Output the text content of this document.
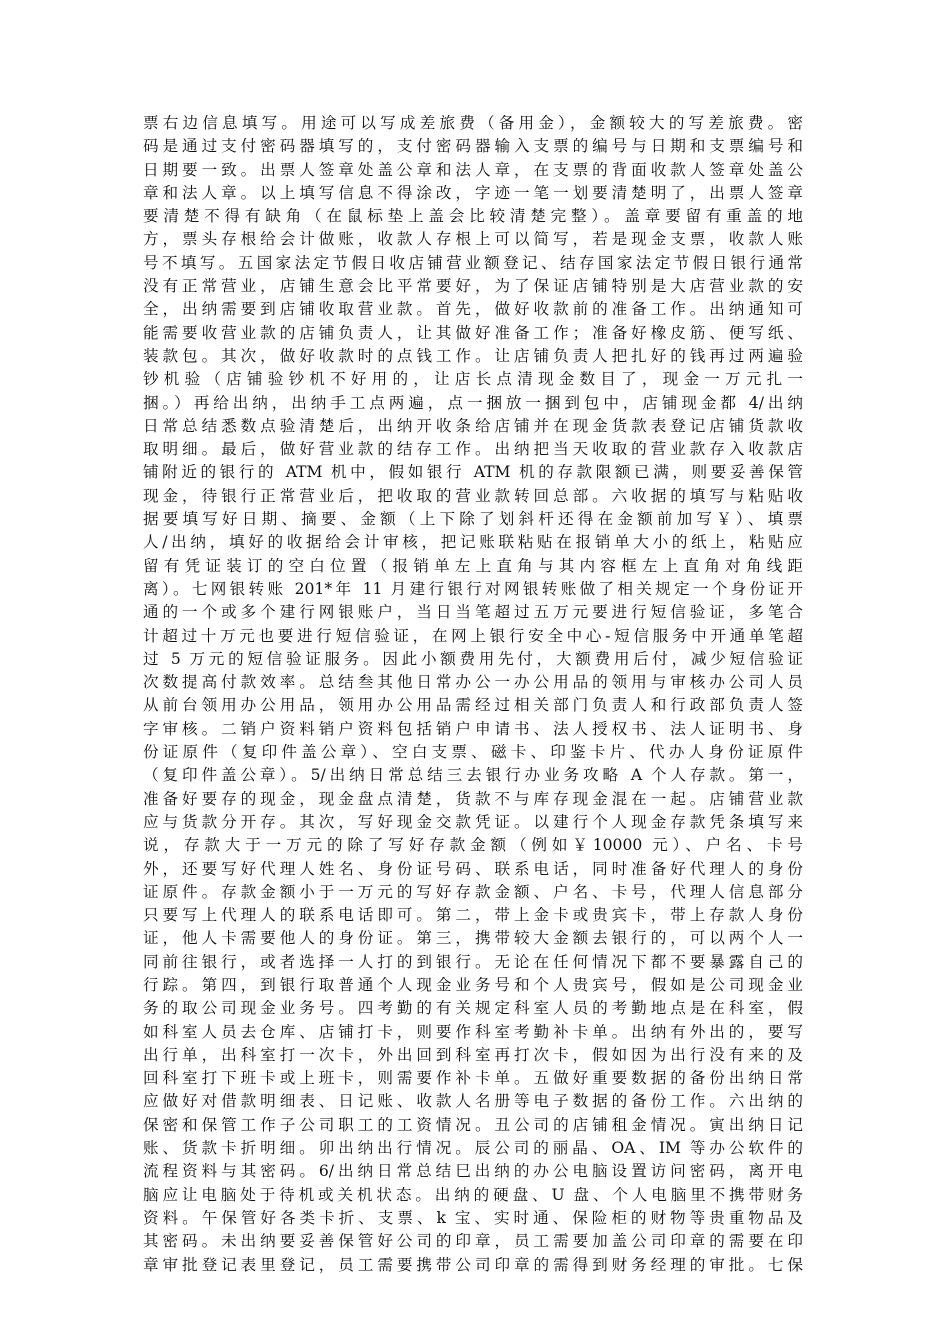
票右边信息填写。用途可以写成差旅费（备用金），金额较大的写差旅费。密
码是通过支付密码器填写的，支付密码器输入支票的编号与日期和支票编号和
日期要一致。出票人签章处盖公章和法人章，在支票的背面收款人签章处盖公
章和法人章。以上填写信息不得涂改，字迹一笔一划要清楚明了，出票人签章
要清楚不得有缺角（在鼠标垫上盖会比较清楚完整）。盖章要留有重盖的地
方，票头存根给会计做账，收款人存根上可以简写，若是现金支票，收款人账
号不填写。五国家法定节假日收店铺营业额登记、结存国家法定节假日银行通常
没有正常营业，店铺生意会比平常要好，为了保证店铺特别是大店营业款的安
全，出纳需要到店铺收取营业款。首先，做好收款前的准备工作。出纳通知可
能需要收营业款的店铺负责人，让其做好准备工作；准备好橡皮筋、便写纸、
装款包。其次，做好收款时的点钱工作。让店铺负责人把扎好的钱再过两遍验
钞机验（店铺验钞机不好用的，让店长点清现金数目了，现金一万元扎一
捆。）再给出纳，出纳手工点两遍，点一捆放一捆到包中，店铺现金都 4/出纳
日常总结悉数点验清楚后，出纳开收条给店铺并在现金货款表登记店铺货款收
取明细。最后，做好营业款的结存工作。出纳把当天收取的营业款存入收款店
铺附近的银行的 ATM 机中，假如银行 ATM 机的存款限额已满，则要妥善保管
现金，待银行正常营业后，把收取的营业款转回总部。六收据的填写与粘贴收
据要填写好日期、摘要、金额（上下除了划斜杆还得在金额前加写￥）、填票
人/出纳，填好的收据给会计审核，把记账联粘贴在报销单大小的纸上，粘贴应
留有凭证装订的空白位置（报销单左上直角与其内容框左上直角对角线距
离）。七网银转账 201*年 11 月建行银行对网银转账做了相关规定一个身份证开
通的一个或多个建行网银账户，当日当笔超过五万元要进行短信验证，多笔合
计超过十万元也要进行短信验证，在网上银行安全中心-短信服务中开通单笔超
过 5 万元的短信验证服务。因此小额费用先付，大额费用后付，减少短信验证
次数提高付款效率。总结叁其他日常办公一办公用品的领用与审核办公司人员
从前台领用办公用品，领用办公用品需经过相关部门负责人和行政部负责人签
字审核。二销户资料销户资料包括销户申请书、法人授权书、法人证明书、身
份证原件（复印件盖公章）、空白支票、磁卡、印鉴卡片、代办人身份证原件
（复印件盖公章）。5/出纳日常总结三去银行办业务攻略 A 个人存款。第一，
准备好要存的现金，现金盘点清楚，货款不与库存现金混在一起。店铺营业款
应与货款分开存。其次，写好现金交款凭证。以建行个人现金存款凭条填写来
说，存款大于一万元的除了写好存款金额（例如￥10000 元）、户名、卡号
外，还要写好代理人姓名、身份证号码、联系电话，同时准备好代理人的身份
证原件。存款金额小于一万元的写好存款金额、户名、卡号，代理人信息部分
只要写上代理人的联系电话即可。第二，带上金卡或贵宾卡，带上存款人身份
证，他人卡需要他人的身份证。第三，携带较大金额去银行的，可以两个人一
同前往银行，或者选择一人打的到银行。无论在任何情况下都不要暴露自己的
行踪。第四，到银行取普通个人现金业务号和个人贵宾号，假如是公司现金业
务的取公司现金业务号。四考勤的有关规定科室人员的考勤地点是在科室，假
如科室人员去仓库、店铺打卡，则要作科室考勤补卡单。出纳有外出的，要写
出行单，出科室打一次卡，外出回到科室再打次卡，假如因为出行没有来的及
回科室打下班卡或上班卡，则需要作补卡单。五做好重要数据的备份出纳日常
应做好对借款明细表、日记账、收款人名册等电子数据的备份工作。六出纳的
保密和保管工作子公司职工的工资情况。丑公司的店铺租金情况。寅出纳日记
账、货款卡折明细。卯出纳出行情况。辰公司的丽晶、OA、IM 等办公软件的
流程资料与其密码。6/出纳日常总结巳出纳的办公电脑设置访问密码，离开电
脑应让电脑处于待机或关机状态。出纳的硬盘、U 盘、个人电脑里不携带财务
资料。午保管好各类卡折、支票、k 宝、实时通、保险柜的财物等贵重物品及
其密码。未出纳要妥善保管好公司的印章，员工需要加盖公司印章的需要在印
章审批登记表里登记，员工需要携带公司印章的需得到财务经理的审批。七保
